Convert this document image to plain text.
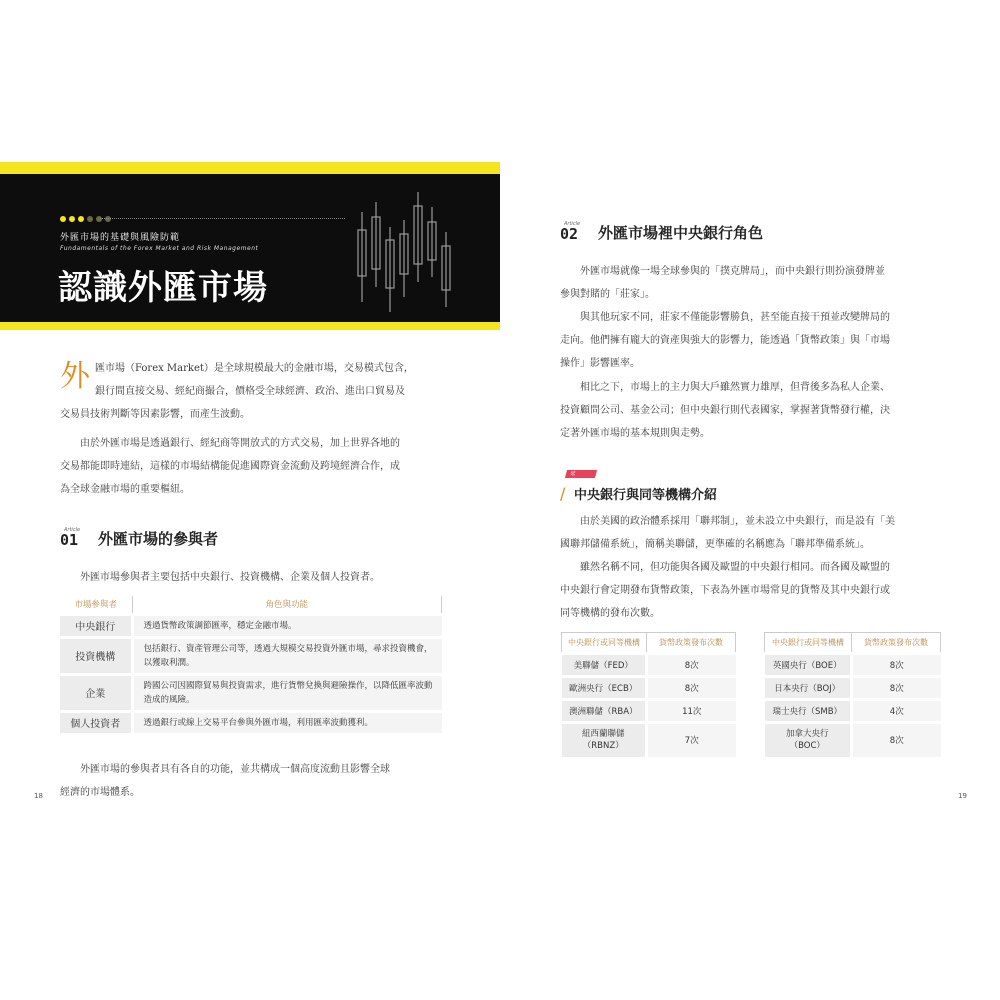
外匯市場的基礎與風險防範
Fundamentals of the Forex Market and Risk Management
認識外匯市場
外 匯市場（Forex Market）是全球規模最大的金融市場，交易模式包含，
銀行間直接交易、經紀商撮合，價格受全球經濟、政治、進出口貿易及
交易員技術判斷等因素影響，而產生波動。
由於外匯市場是透過銀行、經紀商等開放式的方式交易，加上世界各地的
交易都能即時連結，這樣的市場結構能促進國際資金流動及跨境經濟合作，成
為全球金融市場的重要樞紐。
Article
01 外匯市場的參與者
外匯市場參與者主要包括中央銀行、投資機構、企業及個人投資者。
市場參與者	角色與功能
中央銀行	透過貨幣政策調節匯率，穩定金融市場。
投資機構	包括銀行、資產管理公司等，透過大規模交易投資外匯市場，尋求投資機會，以獲取利潤。
企業	跨國公司因國際貿易與投資需求，進行貨幣兌換與避險操作，以降低匯率波動造成的風險。
個人投資者	透過銀行或線上交易平台參與外匯市場，利用匯率波動獲利。
外匯市場的參與者具有各自的功能，並共構成一個高度流動且影響全球
經濟的市場體系。
18
Article
02 外匯市場裡中央銀行角色
外匯市場就像一場全球參與的「撲克牌局」，而中央銀行則扮演發牌並
參與對賭的「莊家」。
與其他玩家不同，莊家不僅能影響勝負，甚至能直接干預並改變牌局的
走向。他們擁有龐大的資產與強大的影響力，能透過「貨幣政策」與「市場
操作」影響匯率。
相比之下，市場上的主力與大戶雖然實力雄厚，但背後多為私人企業、
投資顧問公司、基金公司；但中央銀行則代表國家，掌握著貨幣發行權，決
定著外匯市場的基本規則與走勢。
延伸知識
/ 中央銀行與同等機構介紹
由於美國的政治體系採用「聯邦制」，並未設立中央銀行，而是設有「美
國聯邦儲備系統」，簡稱美聯儲，更準確的名稱應為「聯邦準備系統」。
雖然名稱不同，但功能與各國及歐盟的中央銀行相同。而各國及歐盟的
中央銀行會定期發布貨幣政策，下表為外匯市場常見的貨幣及其中央銀行或
同等機構的發布次數。
中央銀行或同等機構	貨幣政策發布次數
美聯儲（FED）	8次
歐洲央行（ECB）	8次
澳洲聯儲（RBA）	11次

紐西蘭聯儲
（RBNZ）	7次
中央銀行或同等機構	貨幣政策發布次數
英國央行（BOE）	8次
日本央行（BOJ）	8次
瑞士央行（SMB）	4次

加拿大央行
（BOC）	8次
19
